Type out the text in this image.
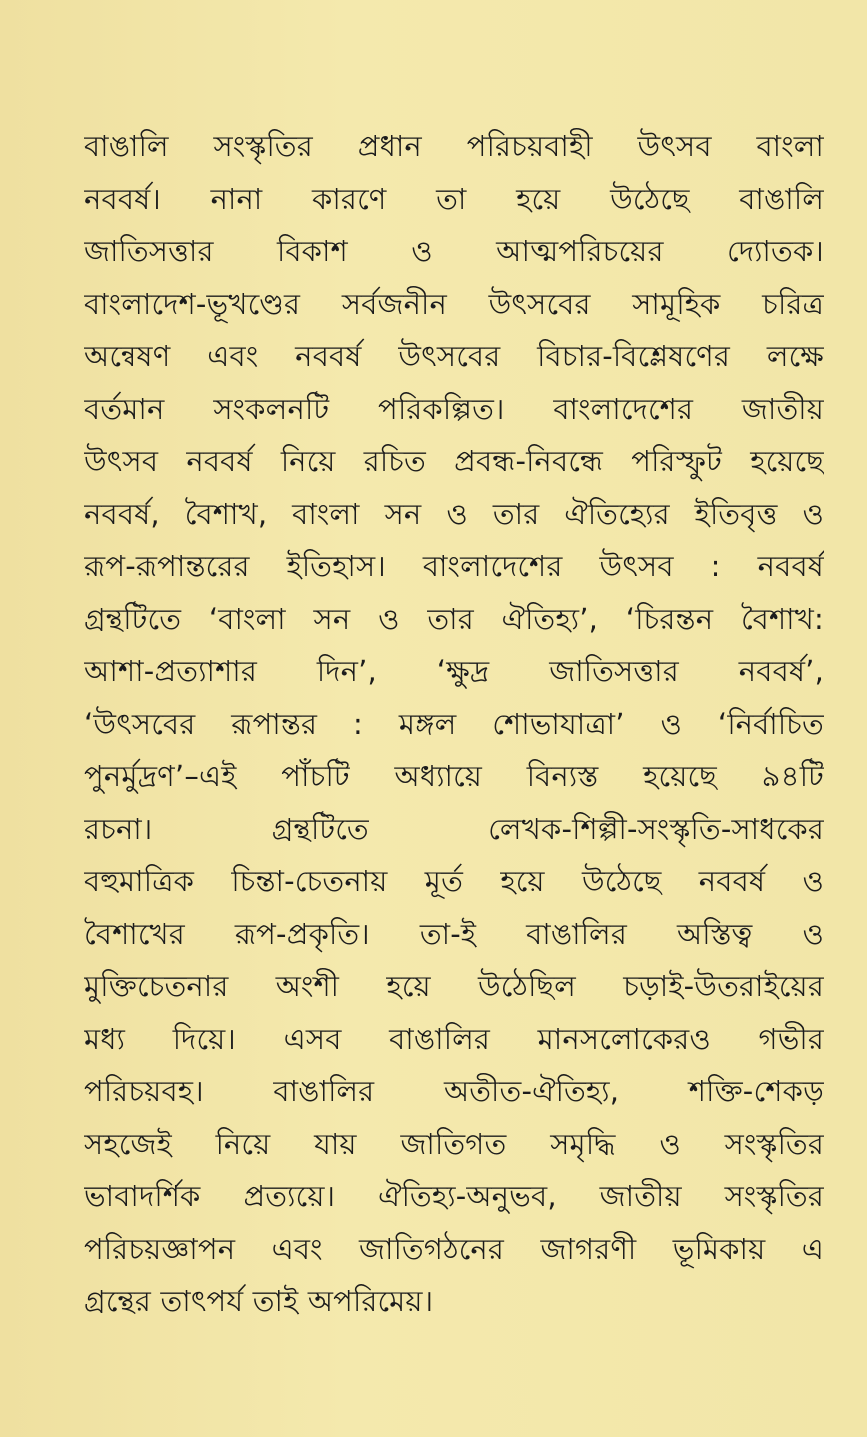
বাঙালি সংস্কৃতির প্রধান পরিচয়বাহী উৎসব বাংলা
নববর্ষ। নানা কারণে তা হয়ে উঠেছে বাঙালি
জাতিসত্তার বিকাশ ও আত্মপরিচয়ের দ্যোতক।
বাংলাদেশ-ভূখণ্ডের সর্বজনীন উৎসবের সামূহিক চরিত্র
অন্বেষণ এবং নববর্ষ উৎসবের বিচার-বিশ্লেষণের লক্ষে
বর্তমান সংকলনটি পরিকল্পিত। বাংলাদেশের জাতীয়
উৎসব নববর্ষ নিয়ে রচিত প্রবন্ধ-নিবন্ধে পরিস্ফুট হয়েছে
নববর্ষ, বৈশাখ, বাংলা সন ও তার ঐতিহ্যের ইতিবৃত্ত ও
রূপ-রূপান্তরের ইতিহাস। বাংলাদেশের উৎসব : নববর্ষ
গ্রন্থটিতে ‘বাংলা সন ও তার ঐতিহ্য’, ‘চিরন্তন বৈশাখ:
আশা-প্রত্যাশার দিন’, ‘ক্ষুদ্র জাতিসত্তার নববর্ষ’,
‘উৎসবের রূপান্তর : মঙ্গল শোভাযাত্রা’ ও ‘নির্বাচিত
পুনর্মুদ্রণ’–এই পাঁচটি অধ্যায়ে বিন্যস্ত হয়েছে ৯৪টি
রচনা। গ্রন্থটিতে লেখক-শিল্পী-সংস্কৃতি-সাধকের
বহুমাত্রিক চিন্তা-চেতনায় মূর্ত হয়ে উঠেছে নববর্ষ ও
বৈশাখের রূপ-প্রকৃতি। তা-ই বাঙালির অস্তিত্ব ও
মুক্তিচেতনার অংশী হয়ে উঠেছিল চড়াই-উতরাইয়ের
মধ্য দিয়ে। এসব বাঙালির মানসলোকেরও গভীর
পরিচয়বহ। বাঙালির অতীত-ঐতিহ্য, শক্তি-শেকড়
সহজেই নিয়ে যায় জাতিগত সমৃদ্ধি ও সংস্কৃতির
ভাবাদর্শিক প্রত্যয়ে। ঐতিহ্য-অনুভব, জাতীয় সংস্কৃতির
পরিচয়জ্ঞাপন এবং জাতিগঠনের জাগরণী ভূমিকায় এ
গ্রন্থের তাৎপর্য তাই অপরিমেয়।
